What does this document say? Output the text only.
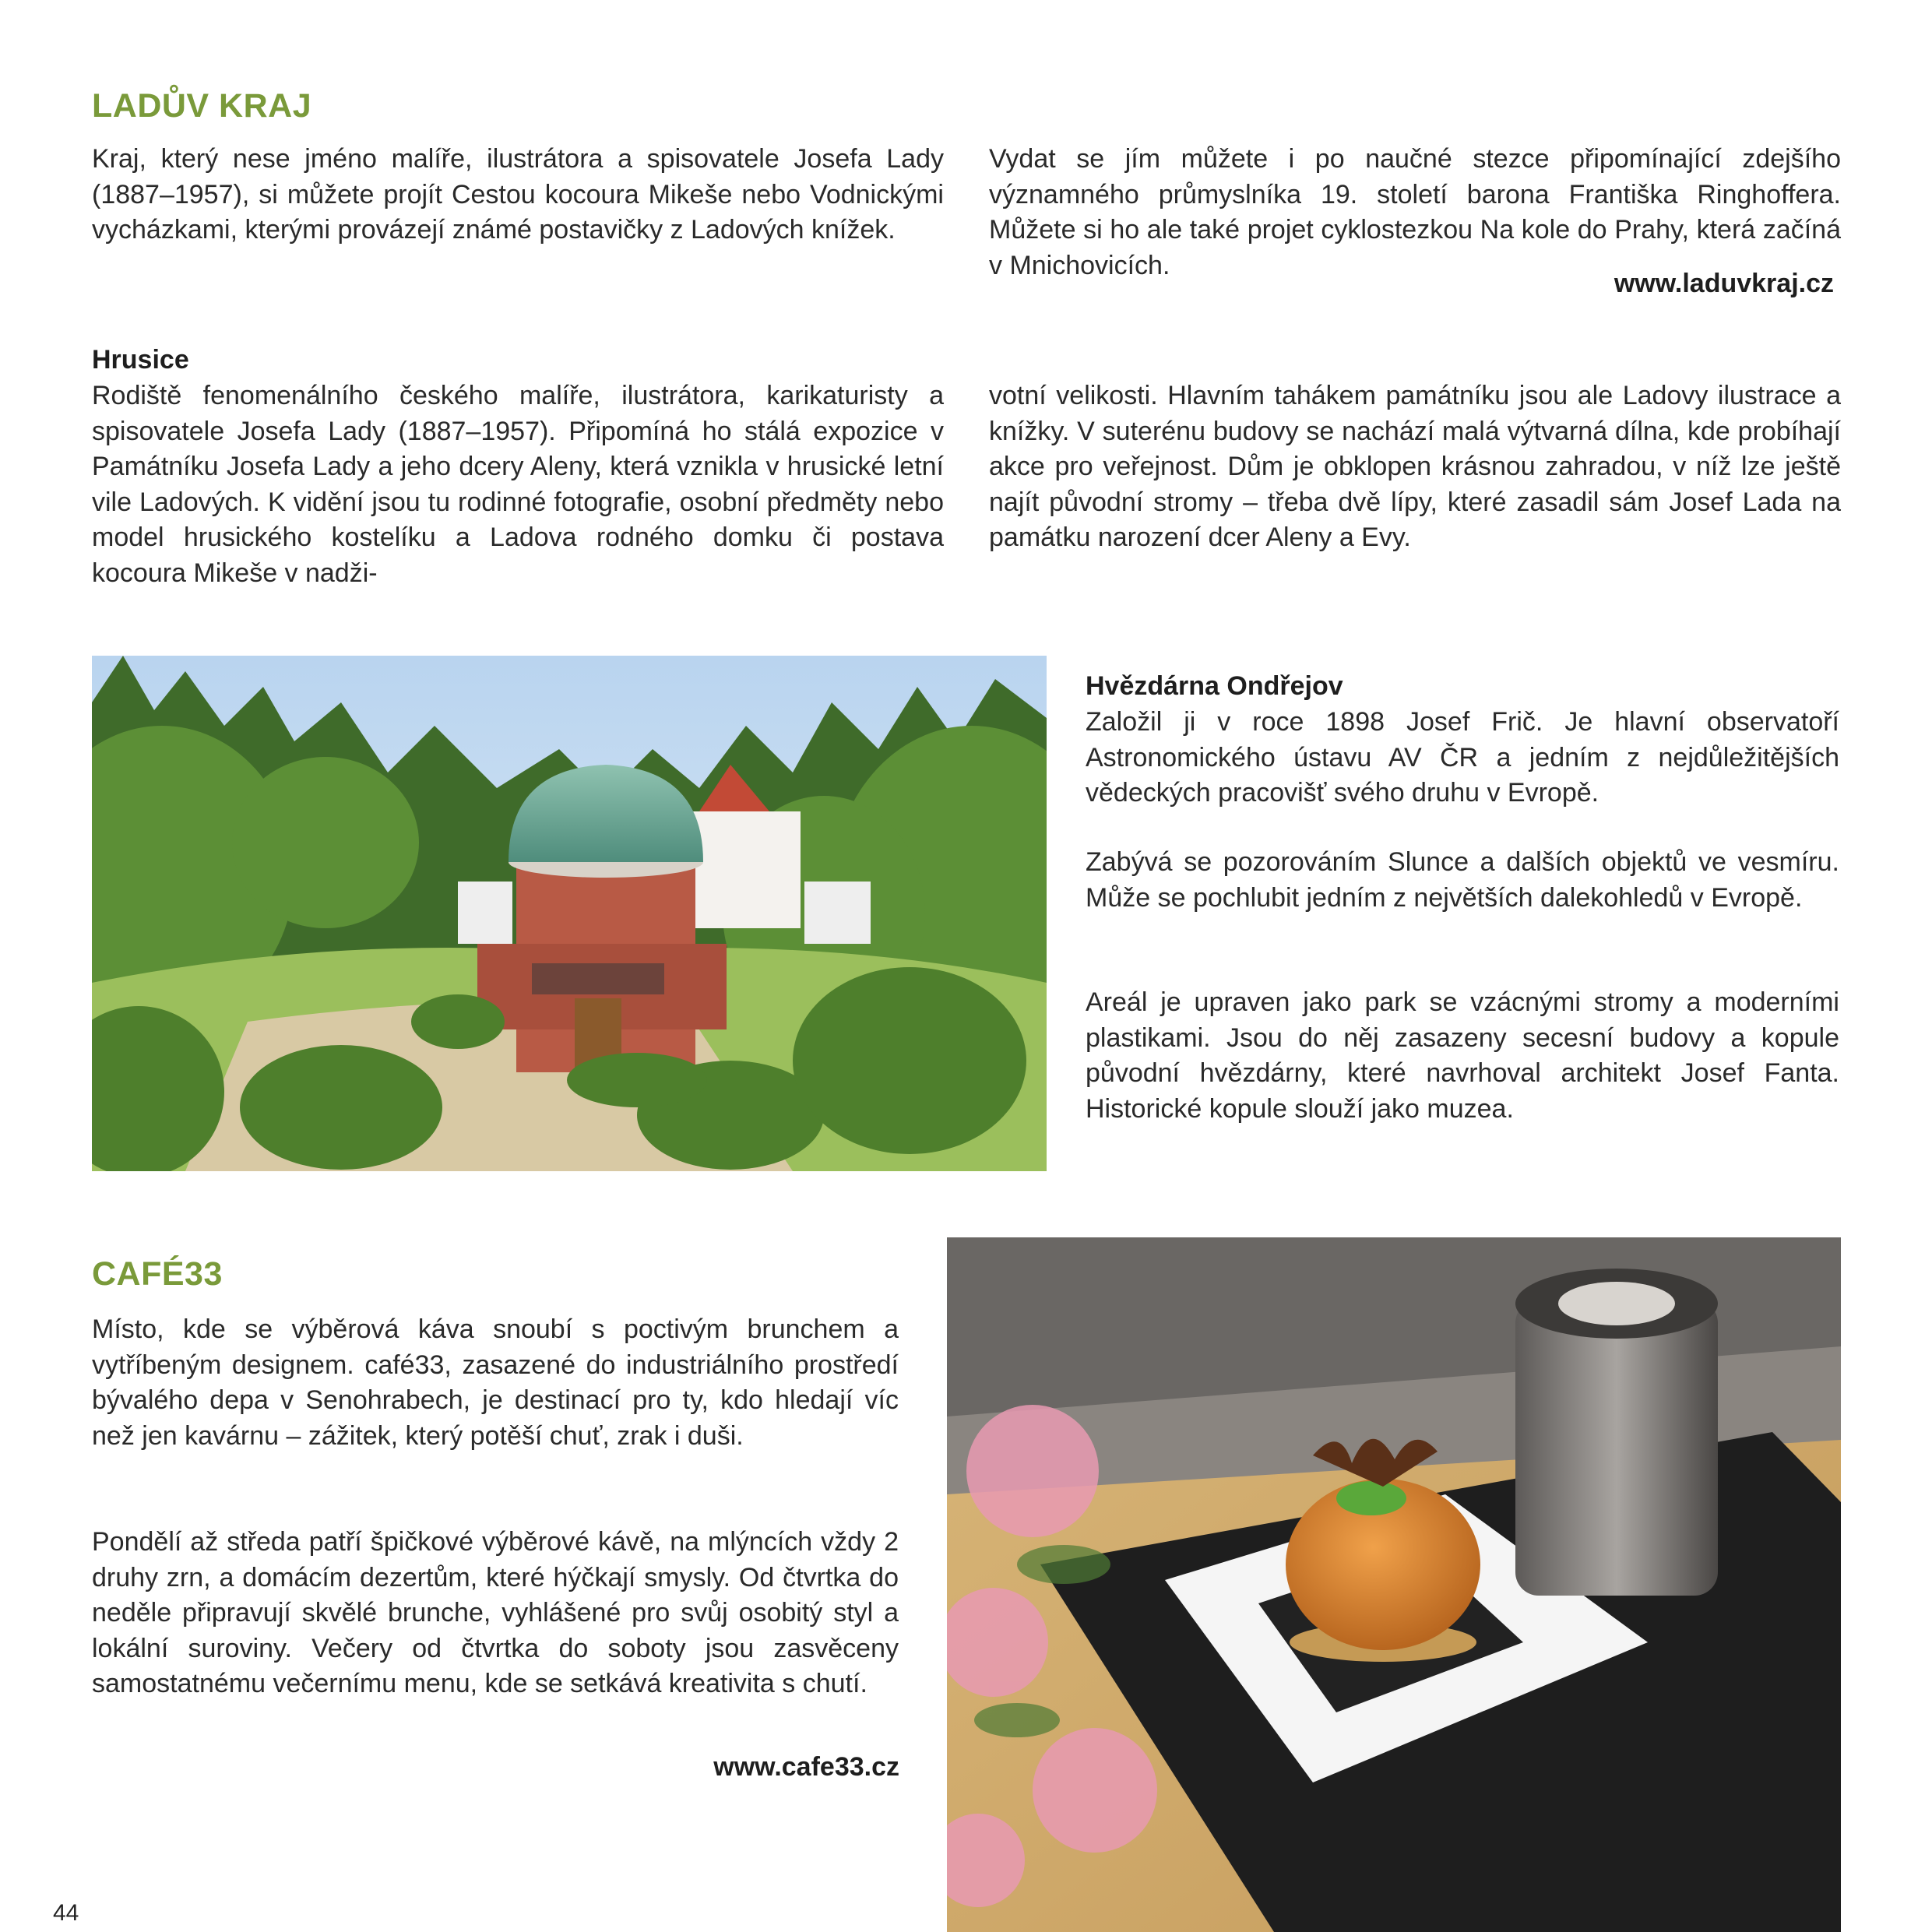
LADŮV KRAJ

Kraj, který nese jméno malíře, ilustrátora a spisovatele Josefa Lady (1887–1957), si můžete projít Cestou kocoura Mikeše nebo Vodnickými vycházkami, kterými provázejí známé postavičky z Ladových knížek.

Vydat se jím můžete i po naučné stezce připomínající zdejšího významného průmyslníka 19. století barona Františka Ringhoffera. Můžete si ho ale také projet cyklostezkou Na kole do Prahy, která začíná v Mnichovicích.

www.laduvkraj.cz
Hrusice

Rodiště fenomenálního českého malíře, ilustrátora, karikaturisty a spisovatele Josefa Lady (1887–1957). Připomíná ho stálá expozice v Památníku Josefa Lady a jeho dcery Aleny, která vznikla v hrusické letní vile Ladových. K vidění jsou tu rodinné fotografie, osobní předměty nebo model hrusického kostelíku a Ladova rodného domku či postava kocoura Mikeše v nadži-

votní velikosti. Hlavním tahákem památníku jsou ale Ladovy ilustrace a knížky. V suterénu budovy se nachází malá výtvarná dílna, kde probíhají akce pro veřejnost. Dům je obklopen krásnou zahradou, v níž lze ještě najít původní stromy – třeba dvě lípy, které zasadil sám Josef Lada na památku narození dcer Aleny a Evy.

Hvězdárna Ondřejov

Založil ji v roce 1898 Josef Frič. Je hlavní observatoří Astronomického ústavu AV ČR a jedním z nejdůležitějších vědeckých pracovišť svého druhu v Evropě.

Zabývá se pozorováním Slunce a dalších objektů ve vesmíru. Může se pochlubit jedním z největších dalekohledů v Evropě.

Areál je upraven jako park se vzácnými stromy a moderními plastikami. Jsou do něj zasazeny secesní budovy a kopule původní hvězdárny, které navrhoval architekt Josef Fanta. Historické kopule slouží jako muzea.

CAFÉ33

Místo, kde se výběrová káva snoubí s poctivým brunchem a vytříbeným designem. café33, zasazené do industriálního prostředí bývalého depa v Senohrabech, je destinací pro ty, kdo hledají víc než jen kavárnu – zážitek, který potěší chuť, zrak i duši.

Pondělí až středa patří špičkové výběrové kávě, na mlýncích vždy 2 druhy zrn, a domácím dezertům, které hýčkají smysly. Od čtvrtka do neděle připravují skvělé brunche, vyhlášené pro svůj osobitý styl a lokální suroviny. Večery od čtvrtka do soboty jsou zasvěceny samostatnému večernímu menu, kde se setkává kreativita s chutí.

www.cafe33.cz
44
